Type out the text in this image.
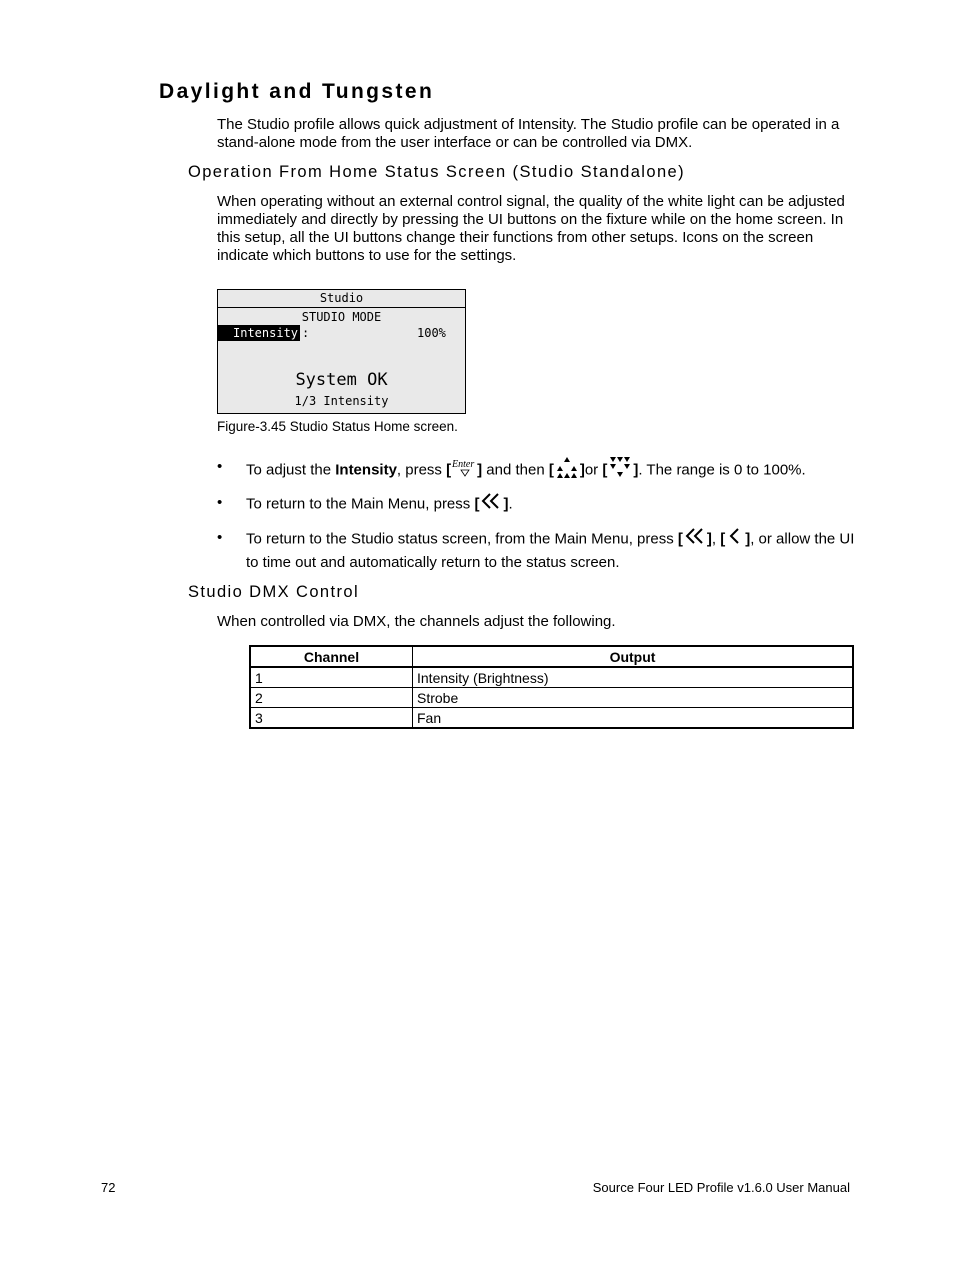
Daylight and Tungsten
The Studio profile allows quick adjustment of Intensity. The Studio profile can be operated in a stand-alone mode from the user interface or can be controlled via DMX.
Operation From Home Status Screen (Studio Standalone)
When operating without an external control signal, the quality of the white light can be adjusted immediately and directly by pressing the UI buttons on the fixture while on the home screen. In this setup, all the UI buttons change their functions from other setups. Icons on the screen indicate which buttons to use for the settings.
Studio
STUDIO MODE
Intensity :	100%
System OK
1/3 Intensity
Figure-3.45 Studio Status Home screen.
• To adjust the Intensity, press [ Enter ] and then [ ]or [ ]. The range is 0 to 100%.
• To return to the Main Menu, press [ ].
• To return to the Studio status screen, from the Main Menu, press [ ], [ ], or allow the UI to time out and automatically return to the status screen.
Studio DMX Control
When controlled via DMX, the channels adjust the following.
Channel	Output
1	Intensity (Brightness)
2	Strobe
3	Fan
72	Source Four LED Profile v1.6.0 User Manual
